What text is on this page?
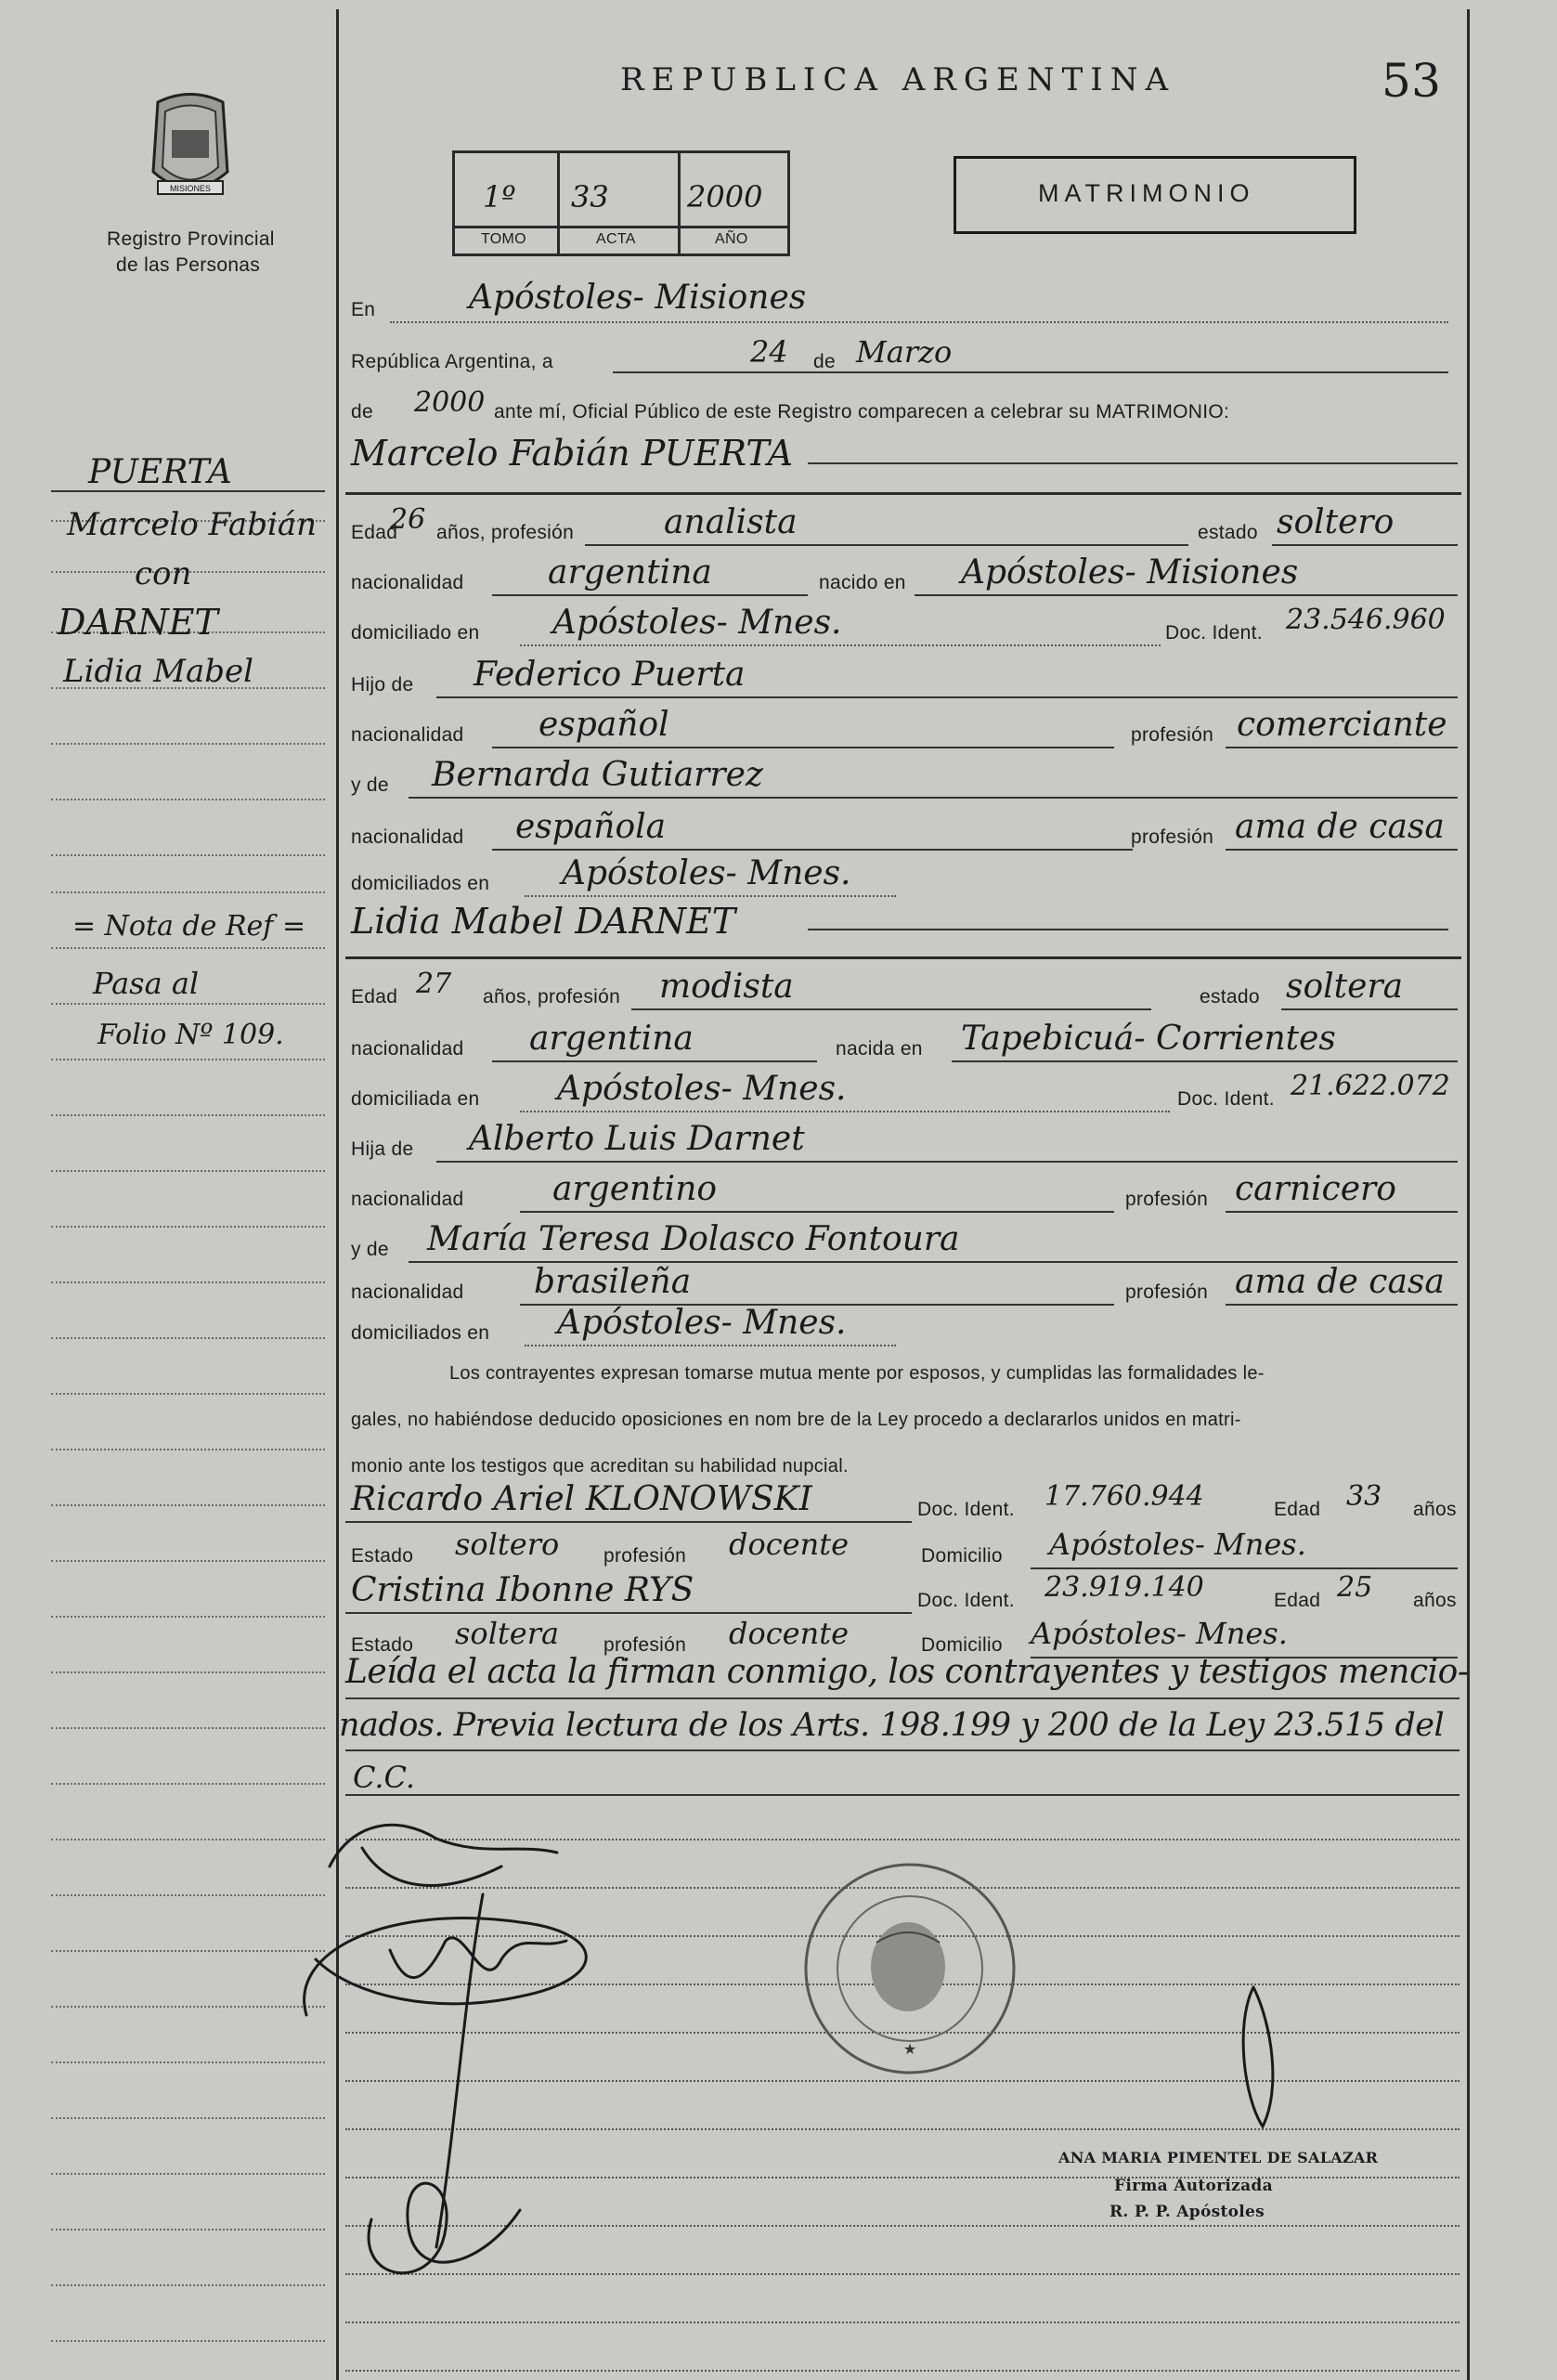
MISIONES
Registro Provincial
de las Personas
REPUBLICA ARGENTINA	53
1º 33	2000
TOMO	ACTA	AÑO
MATRIMONIO
PUERTA
Marcelo Fabián
con
DARNET
Lidia Mabel
= Nota de Ref =
Pasa al
Folio Nº 109.
En	Apóstoles- Misiones
República Argentina, a	24 de Marzo
de 2000 ante mí, Oficial Público de este Registro comparecen a celebrar su MATRIMONIO:
Marcelo Fabián PUERTA
Edad
26 años, profesión	analista	estado soltero
nacionalidad	argentina	nacido en Apóstoles- Misiones
domiciliado en Apóstoles- Mnes.	Doc. Ident. 23.546.960
Hijo de Federico Puerta
nacionalidad español	profesión comerciante
y de Bernarda Gutiarrez
nacionalidad española	profesión ama de casa
domiciliados en Apóstoles- Mnes.
Lidia Mabel DARNET
Edad 27 años, profesión modista	estado soltera
nacionalidad argentina	nacida en Tapebicuá- Corrientes
domiciliada en Apóstoles- Mnes.	Doc. Ident. 21.622.072
Hija de Alberto Luis Darnet
nacionalidad	argentino	profesión carnicero
y de María Teresa Dolasco Fontoura
nacionalidad brasileña	profesión ama de casa
domiciliados en Apóstoles- Mnes.
Los contrayentes expresan tomarse mutua mente por esposos, y cumplidas las formalidades le-
gales, no habiéndose deducido oposiciones en nom bre de la Ley procedo a declararlos unidos en matri-
monio ante los testigos que acreditan su habilidad nupcial.
Ricardo Ariel KLONOWSKI	Doc. Ident. 17.760.944	Edad 33 años
Estado soltero profesión docente	Domicilio Apóstoles- Mnes.
Cristina Ibonne RYS	Doc. Ident. 23.919.140	Edad 25 años
Estado soltera profesión docente	Domicilio Apóstoles- Mnes.
Leída el acta la firman conmigo, los contrayentes y testigos mencio-
nados. Previa lectura de los Arts. 198.199 y 200 de la Ley 23.515 del
C.C.
★
ANA MARIA PIMENTEL DE SALAZAR
Firma Autorizada
R. P. P. Apóstoles
